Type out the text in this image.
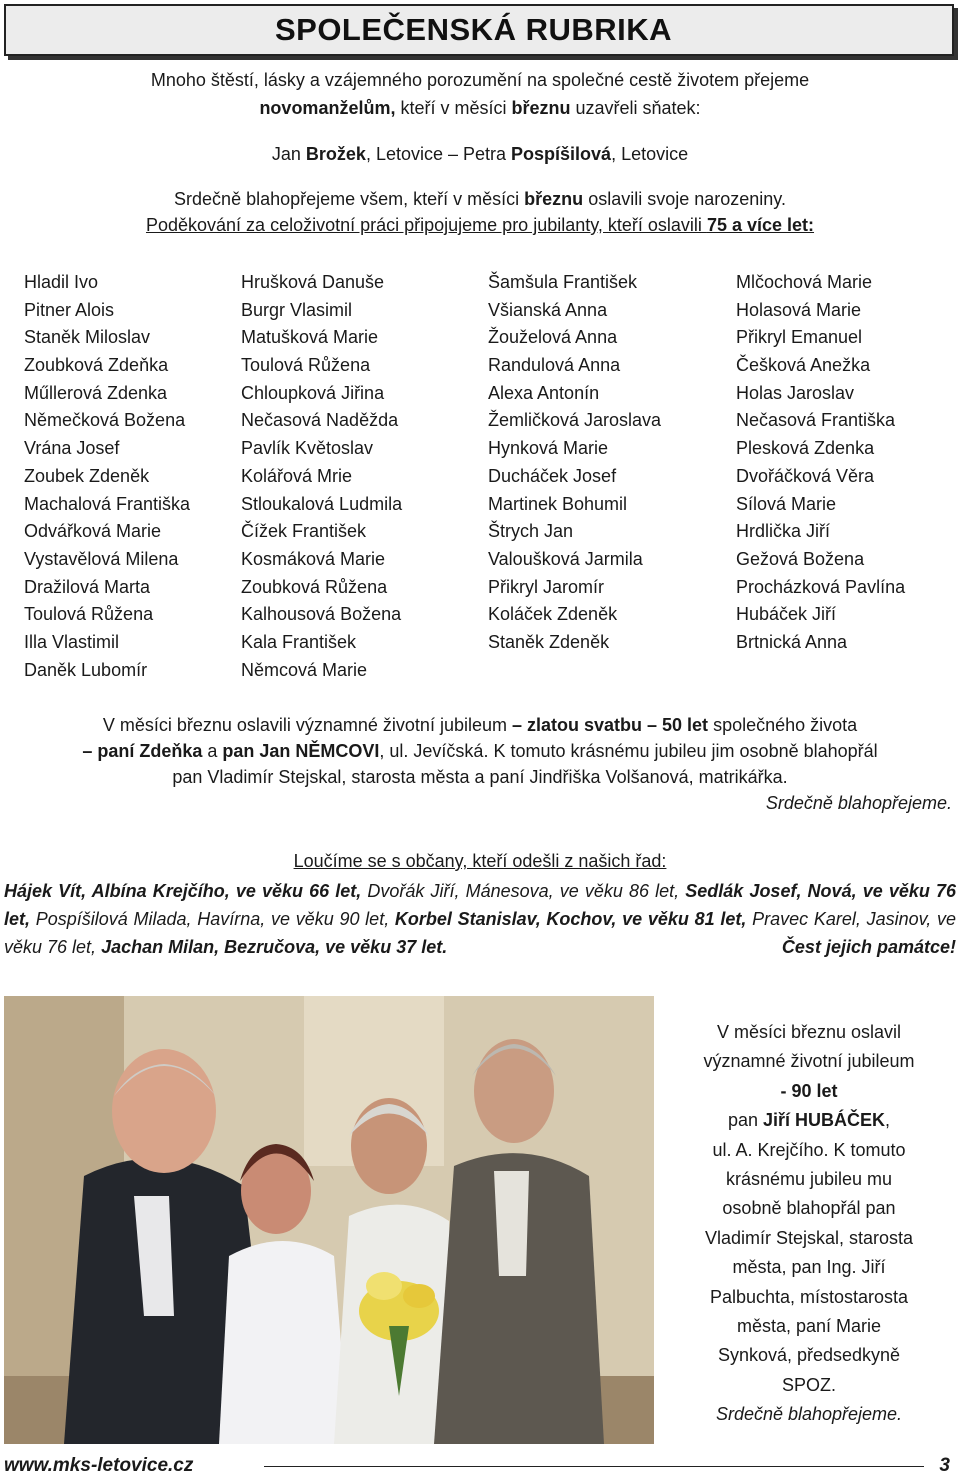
SPOLEČENSKÁ RUBRIKA
Mnoho štěstí, lásky a vzájemného porozumění na společné cestě životem přejeme
novomanželům, kteří v měsíci březnu uzavřeli sňatek:
Jan Brožek, Letovice – Petra Pospíšilová, Letovice
Srdečně blahopřejeme všem, kteří v měsíci březnu oslavili svoje narozeniny.
Poděkování za celoživotní práci připojujeme pro jubilanty, kteří oslavili 75 a více let:
Hladil Ivo
Pitner Alois
Staněk Miloslav
Zoubková Zdeňka
Műllerová Zdenka
Němečková Božena
Vrána Josef
Zoubek Zdeněk
Machalová Františka
Odvářková Marie
Vystavělová Milena
Dražilová Marta
Toulová Růžena
Illa Vlastimil
Daněk Lubomír
Hrušková Danuše
Burgr Vlasimil
Matušková Marie
Toulová Růžena
Chloupková Jiřina
Nečasová Naděžda
Pavlík Květoslav
Kolářová Mrie
Stloukalová Ludmila
Čížek František
Kosmáková Marie
Zoubková Růžena
Kalhousová Božena
Kala František
Němcová Marie
Šamšula František
Všianská Anna
Žouželová Anna
Randulová Anna
Alexa Antonín
Žemličková Jaroslava
Hynková Marie
Ducháček Josef
Martinek Bohumil
Štrych Jan
Valoušková Jarmila
Přikryl Jaromír
Koláček Zdeněk
Staněk Zdeněk
Mlčochová Marie
Holasová Marie
Přikryl Emanuel
Češková Anežka
Holas Jaroslav
Nečasová Františka
Plesková Zdenka
Dvořáčková Věra
Sílová Marie
Hrdlička Jiří
Gežová Božena
Procházková Pavlína
Hubáček Jiří
Brtnická Anna
V měsíci březnu oslavili významné životní jubileum – zlatou svatbu – 50 let společného života
– paní Zdeňka a pan Jan NĚMCOVI, ul. Jevíčská. K tomuto krásnému jubileu jim osobně blahopřál
pan Vladimír Stejskal, starosta města a paní Jindřiška Volšanová, matrikářka.
Srdečně blahopřejeme.
Loučíme se s občany, kteří odešli z našich řad:
Hájek Vít, Albína Krejčího, ve věku 66 let, Dvořák Jiří, Mánesova, ve věku 86 let, Sedlák Josef, Nová, ve věku 76 let, Pospíšilová Milada, Havírna, ve věku 90 let, Korbel Stanislav, Kochov, ve věku 81 let, Pravec Karel, Jasinov, ve věku 76 let, Jachan Milan, Bezručova, ve věku 37 let.	Čest jejich památce!
V měsíci březnu oslavil
významné životní jubileum
- 90 let
pan Jiří HUBÁČEK,
ul. A. Krejčího. K tomuto
krásnému jubileu mu
osobně blahopřál pan
Vladimír Stejskal, starosta
města, pan Ing. Jiří
Palbuchta, místostarosta
města, paní Marie
Synková, předsedkyně
SPOZ.
Srdečně blahopřejeme.
www.mks-letovice.cz	3
